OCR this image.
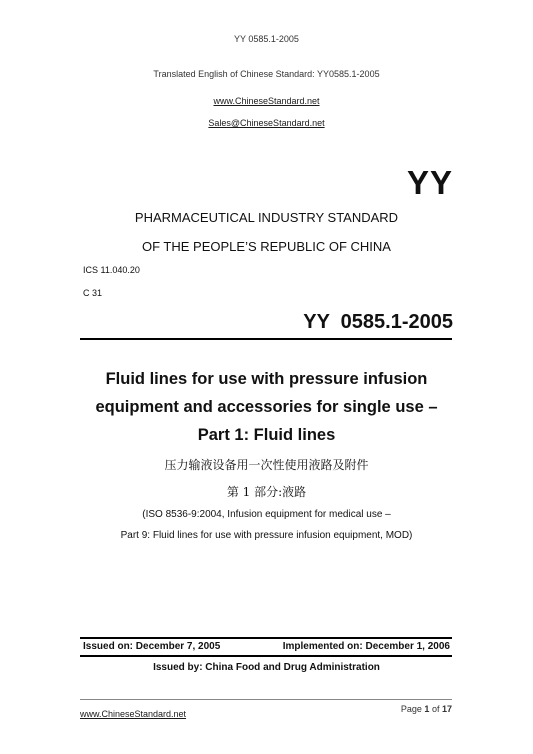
YY 0585.1-2005
Translated English of Chinese Standard: YY0585.1-2005
www.ChineseStandard.net
Sales@ChineseStandard.net
YY
PHARMACEUTICAL INDUSTRY STANDARD
OF THE PEOPLE’S REPUBLIC OF CHINA
ICS 11.040.20
C 31
YY  0585.1-2005
Fluid lines for use with pressure infusion
equipment and accessories for single use –
Part 1: Fluid lines
压力输液设备用一次性使用液路及附件
第 1 部分:液路
(ISO 8536-9:2004, Infusion equipment for medical use –
Part 9: Fluid lines for use with pressure infusion equipment, MOD)
Issued on: December 7, 2005	Implemented on: December 1, 2006
Issued by: China Food and Drug Administration
www.ChineseStandard.net	Page 1 of 17
